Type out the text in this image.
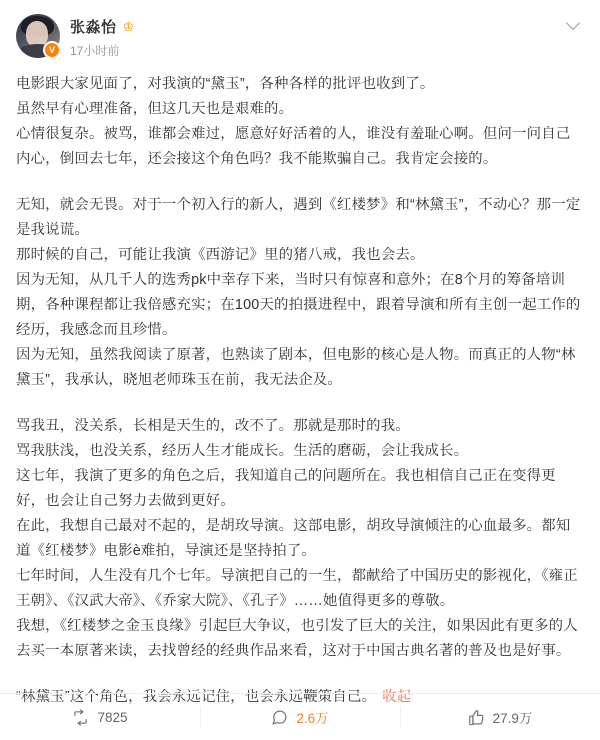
V
张淼怡 ♔
17小时前

电影跟大家见面了，对我演的“黛玉”，各种各样的批评也收到了。

虽然早有心理准备，但这几天也是艰难的。

心情很复杂。被骂，谁都会难过，愿意好好活着的人，谁没有羞耻心啊。但问一问自己内心，倒回去七年，还会接这个角色吗？我不能欺骗自己。我肯定会接的。

无知，就会无畏。对于一个初入行的新人，遇到《红楼梦》和“林黛玉”，不动心？那一定是我说谎。

那时候的自己，可能让我演《西游记》里的猪八戒，我也会去。

因为无知，从几千人的选秀pk中幸存下来，当时只有惊喜和意外；在8个月的筹备培训期，各种课程都让我倍感充实；在100天的拍摄进程中，跟着导演和所有主创一起工作的经历，我感念而且珍惜。

因为无知，虽然我阅读了原著，也熟读了剧本，但电影的核心是人物。而真正的人物“林黛玉”，我承认，晓旭老师珠玉在前，我无法企及。

骂我丑，没关系，长相是天生的，改不了。那就是那时的我。

骂我肤浅，也没关系，经历人生才能成长。生活的磨砺，会让我成长。

这七年，我演了更多的角色之后，我知道自己的问题所在。我也相信自己正在变得更好，也会让自己努力去做到更好。

在此，我想自己最对不起的，是胡玫导演。这部电影，胡玫导演倾注的心血最多。都知道《红楼梦》电影ѐ难拍，导演还是坚持拍了。

七年时间，人生没有几个七年。导演把自己的一生，都献给了中国历史的影视化，《雍正王朝》、《汉武大帝》、《乔家大院》、《孔子》……她值得更多的尊敬。

我想，《红楼梦之金玉良缘》引起巨大争议，也引发了巨大的关注，如果因此有更多的人去买一本原著来读，去找曾经的经典作品来看，这对于中国古典名著的普及也是好事。

“林黛玉”这个角色，我会永远记住，也会永远鞭策自己。 收起

7825	2.6万	27.9万
